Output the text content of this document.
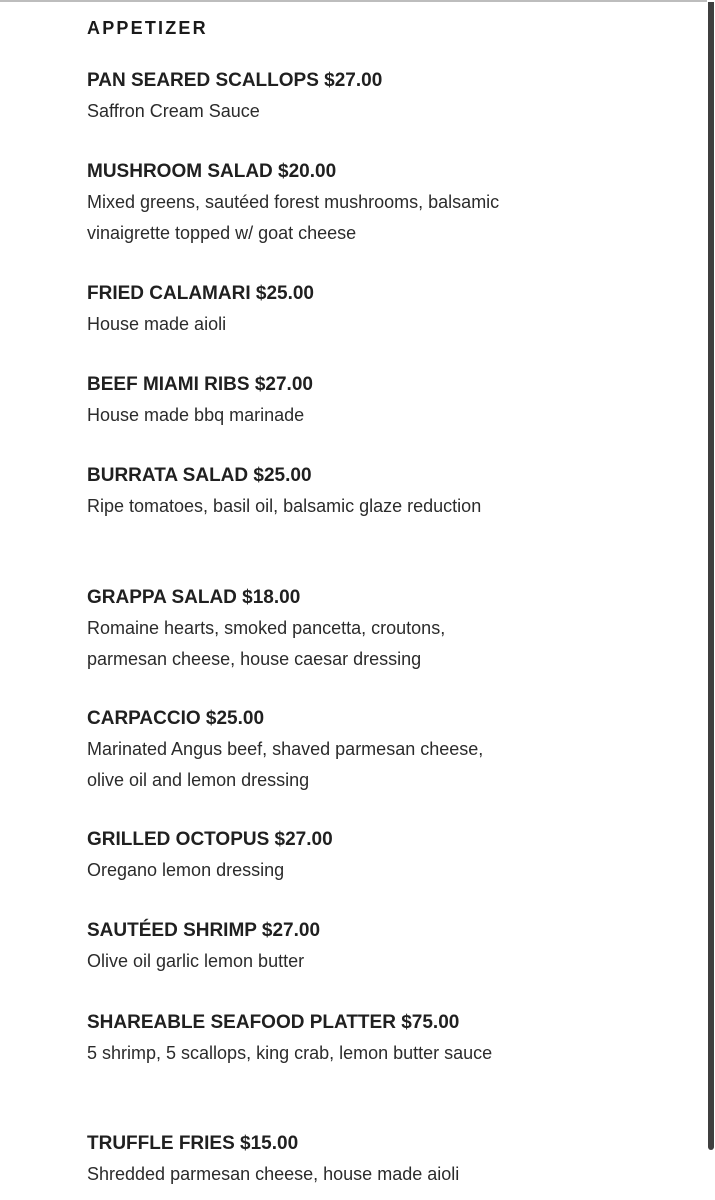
APPETIZER
PAN SEARED SCALLOPS $27.00
Saffron Cream Sauce
MUSHROOM SALAD $20.00
Mixed greens, sautéed forest mushrooms, balsamic vinaigrette topped w/ goat cheese
FRIED CALAMARI $25.00
House made aioli
BEEF MIAMI RIBS $27.00
House made bbq marinade
BURRATA SALAD $25.00
Ripe tomatoes, basil oil, balsamic glaze reduction
GRAPPA SALAD $18.00
Romaine hearts, smoked pancetta, croutons, parmesan cheese, house caesar dressing
CARPACCIO $25.00
Marinated Angus beef, shaved parmesan cheese, olive oil and lemon dressing
GRILLED OCTOPUS $27.00
Oregano lemon dressing
SAUTÉED SHRIMP $27.00
Olive oil garlic lemon butter
SHAREABLE SEAFOOD PLATTER $75.00
5 shrimp, 5 scallops, king crab, lemon butter sauce
TRUFFLE FRIES $15.00
Shredded parmesan cheese, house made aioli
